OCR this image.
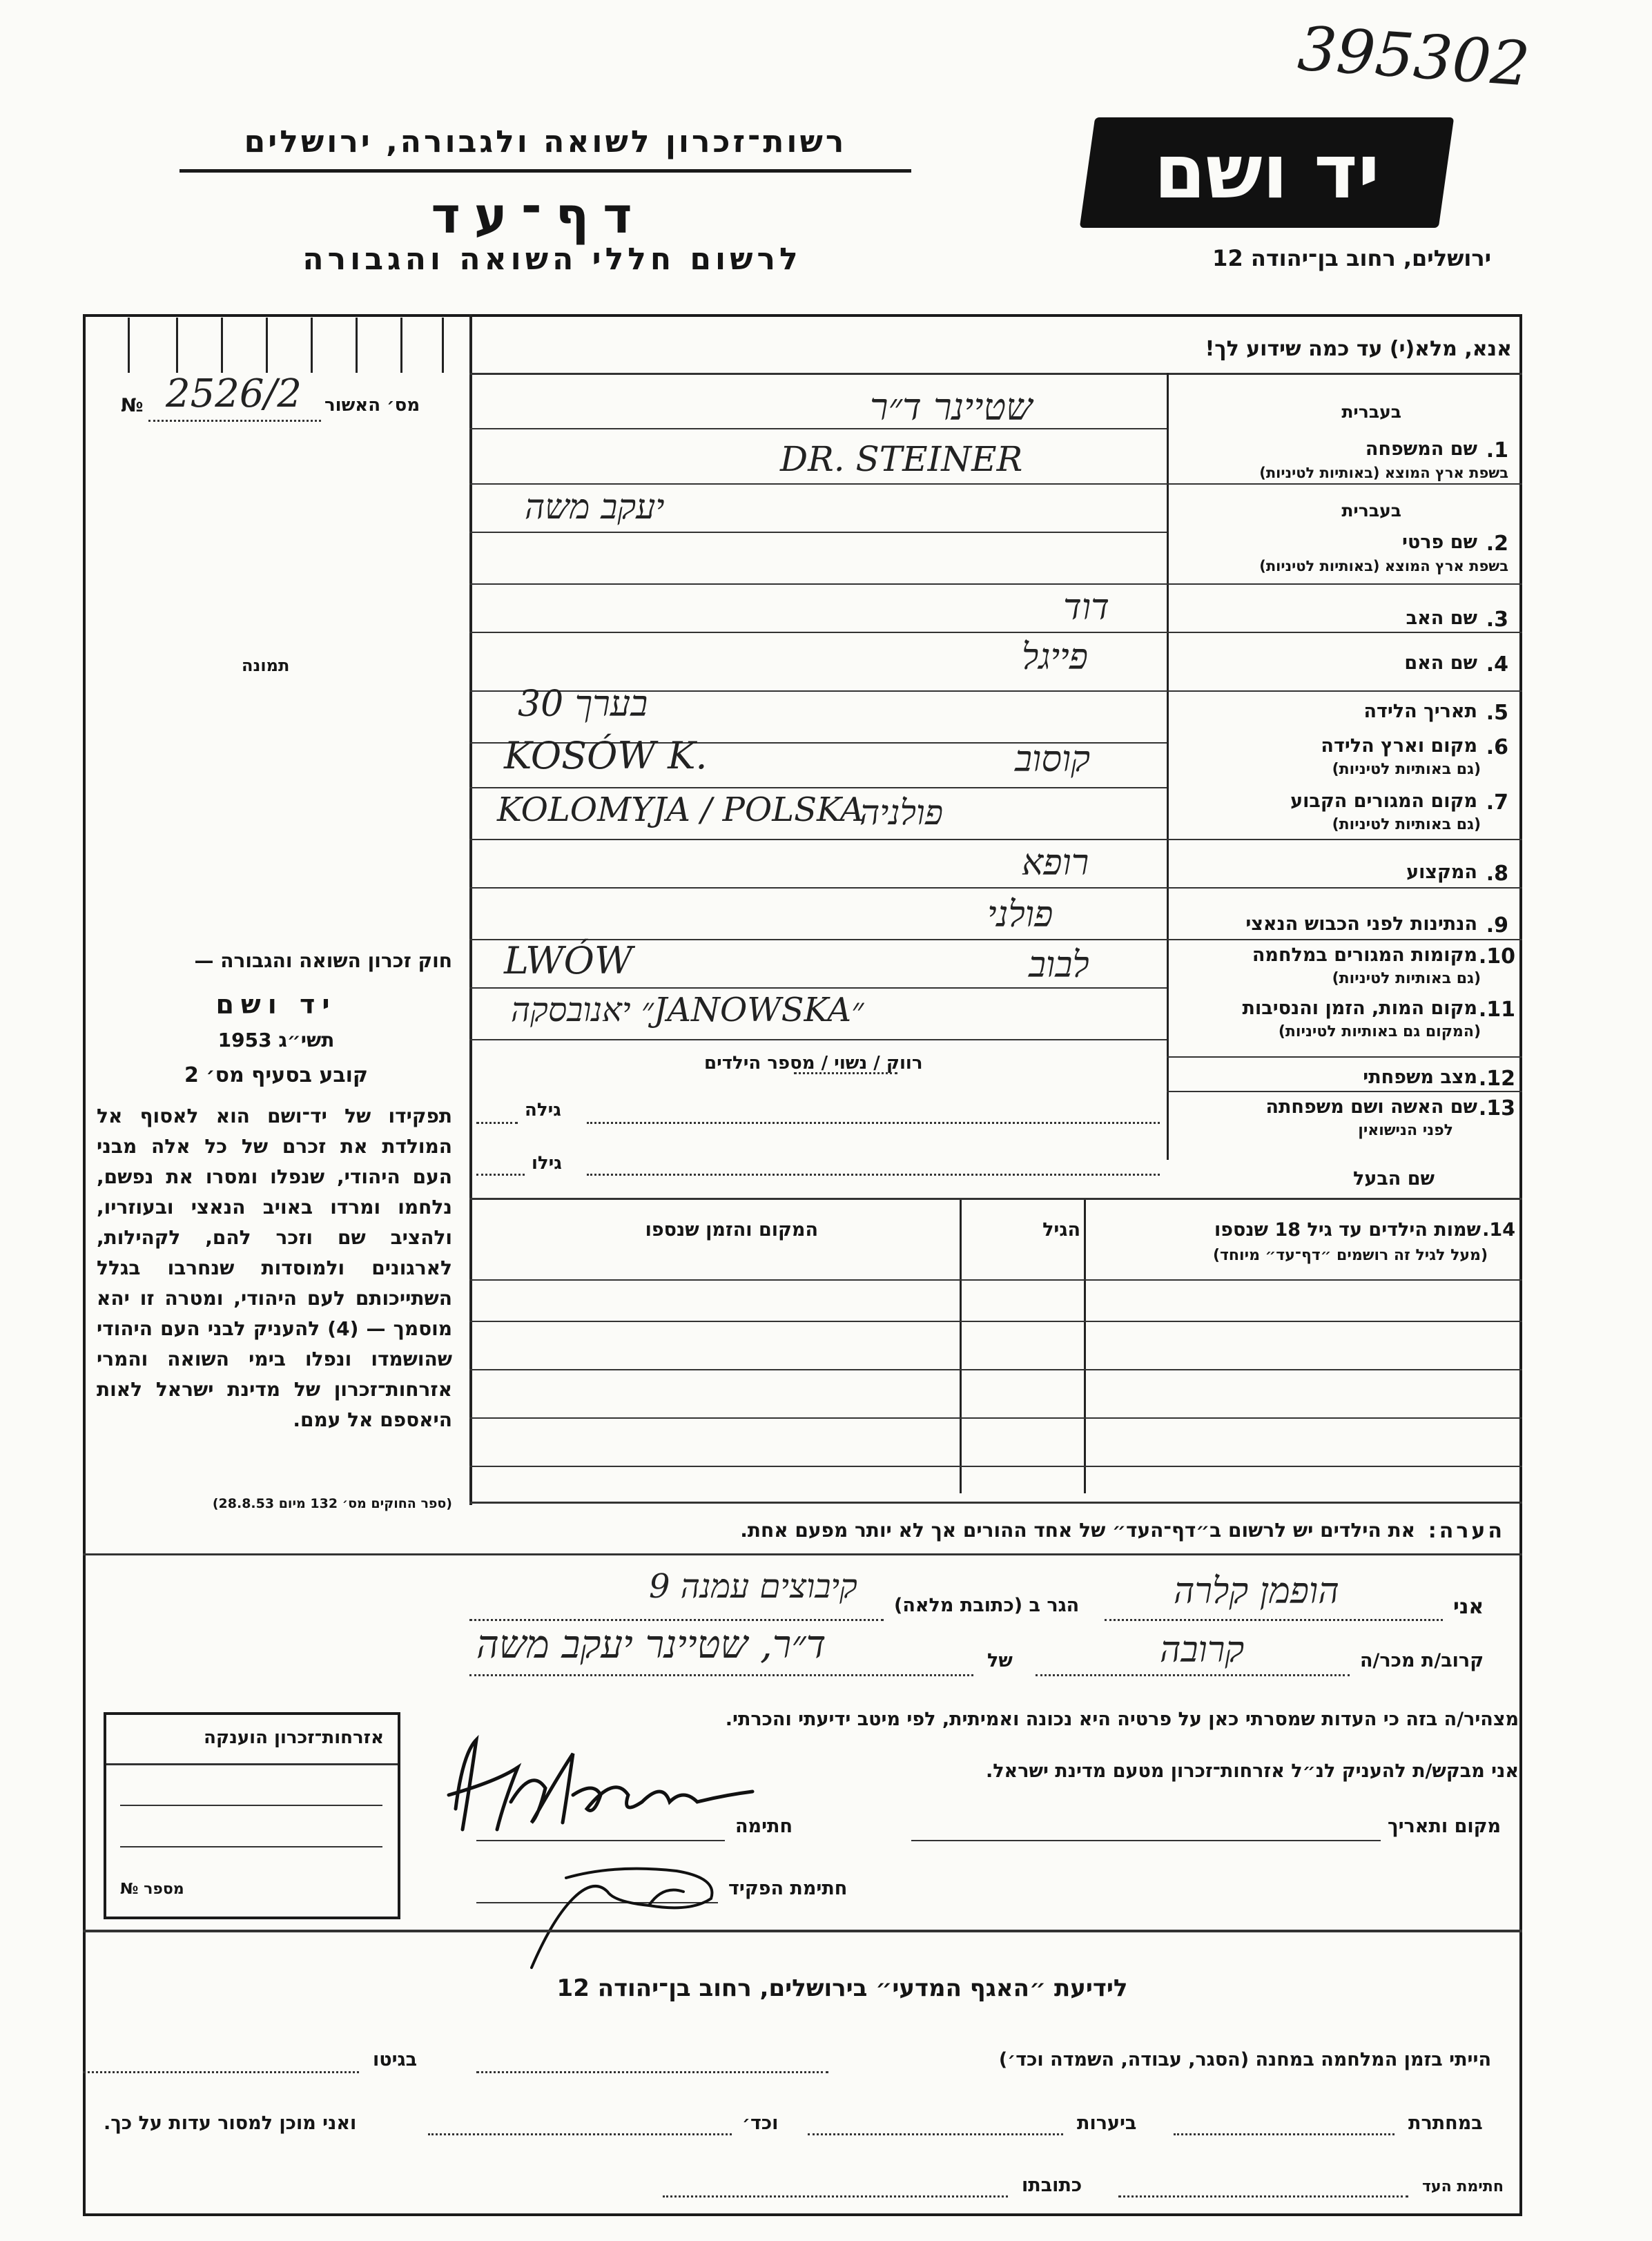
395302
רשות־זכרון לשואה ולגבורה, ירושלים
דף־עד
לרשום חללי השואה והגבורה
יד ושם
ירושלים, רחוב בן־יהודה 12
מס׳ האשור
№ 2526/2
תמונה
חוק זכרון השואה והגבורה —
יד ושם
תשי״ג 1953
קובע בסעיף מס׳ 2
תפקידו של יד־ושם הוא לאסוף אל המולדת את זכרם של כל אלה מבני העם היהודי, שנפלו ומסרו את נפשם, נלחמו ומרדו באויב הנאצי ובעוזריו, ולהציב שם וזכר להם, לקהילות, לארגונים ולמוסדות שנחרבו בגלל השתייכותם לעם היהודי, ומטרה זו יהא מוסמך — (4) להעניק לבני העם היהודי שהושמדו ונפלו בימי השואה והמרי אזרחות־זכרון של מדינת ישראל לאות היאספם אל עמם.
(ספר החוקים מס׳ 132 מיום 28.8.53)
אנא, מלא(י) עד כמה שידוע לך!
בעברית
1.
שם המשפחה
בשפת ארץ המוצא (באותיות לטיניות)
בעברית
2.
שם פרטי
בשפת ארץ המוצא (באותיות לטיניות)
3.
שם האב
4.
שם האם
5.
תאריך הלידה
6.
מקום וארץ הלידה
(גם באותיות לטיניות)
7.
מקום המגורים הקבוע
(גם באותיות לטיניות)
8.
המקצוע
9.
הנתינות לפני הכבוש הנאצי
10.
מקומות המגורים במלחמה
(גם באותיות לטיניות)
11.
מקום המות, הזמן והנסיבות
(המקום גם באותיות לטיניות)
12.
מצב משפחתי
13.
שם האשה ושם משפחתה
לפני הנישואין
שם הבעל
שטיינר ד״ר
DR. STEINER
יעקב משה
דוד
פייגל
בערך 30
קוסוב
KOSÓW K.
פולניה
KOLOMYJA / POLSKA
רופא
פולני
לבוב
LWÓW
״JANOWSKA״ יאנובסקה
רווק / נשוי / מספר הילדים
גילה
גילו
14.
שמות הילדים עד גיל 18 שנספו
(מעל לגיל זה רושמים ״דף־עד״ מיוחד)
הגיל
המקום והזמן שנספו
הערה:
את הילדים יש לרשום ב״דף־העד״ של אחד ההורים אך לא יותר מפעם אחת.
אני
הופמן קלרה
הגר ב (כתובת מלאה)
קיבוצים עמנה 9
קרוב/ת מכר/ה
קרובה
של
ד״ר, שטיינר יעקב משה
מצהיר/ה בזה כי העדות שמסרתי כאן על פרטיה היא נכונה ואמיתית, לפי מיטב ידיעתי והכרתי.
אני מבקש/ת להעניק לנ״ל אזרחות־זכרון מטעם מדינת ישראל.
מקום ותאריך
חתימה
חתימת הפקיד
אזרחות־זכרון הוענקה
מספר №
לידיעת ״האגף המדעי״ בירושלים, רחוב בן־יהודה 12
הייתי בזמן המלחמה במחנה (הסגר, עבודה, השמדה וכד׳)
בגיטו
במחתרת
ביערות
וכד׳
ואני מוכן למסור עדות על כך.
חתימת העד
כתובתו
